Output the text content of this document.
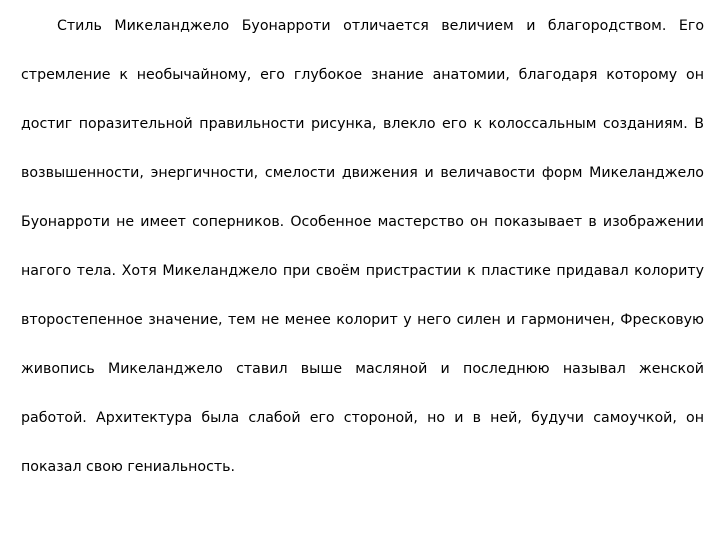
Стиль Микеланджело Буонарроти отличается величием и благородством. Его
стремление к необычайному, его глубокое знание анатомии, благодаря которому он
достиг поразительной правильности рисунка, влекло его к колоссальным созданиям. В
возвышенности, энергичности, смелости движения и величавости форм Микеланджело
Буонарроти не имеет соперников. Особенное мастерство он показывает в изображении
нагого тела. Хотя Микеланджело при своём пристрастии к пластике придавал колориту
второстепенное значение, тем не менее колорит у него силен и гармоничен, Фресковую
живопись Микеланджело ставил выше масляной и последнюю называл женской
работой. Архитектура была слабой его стороной, но и в ней, будучи самоучкой, он
показал свою гениальность.
